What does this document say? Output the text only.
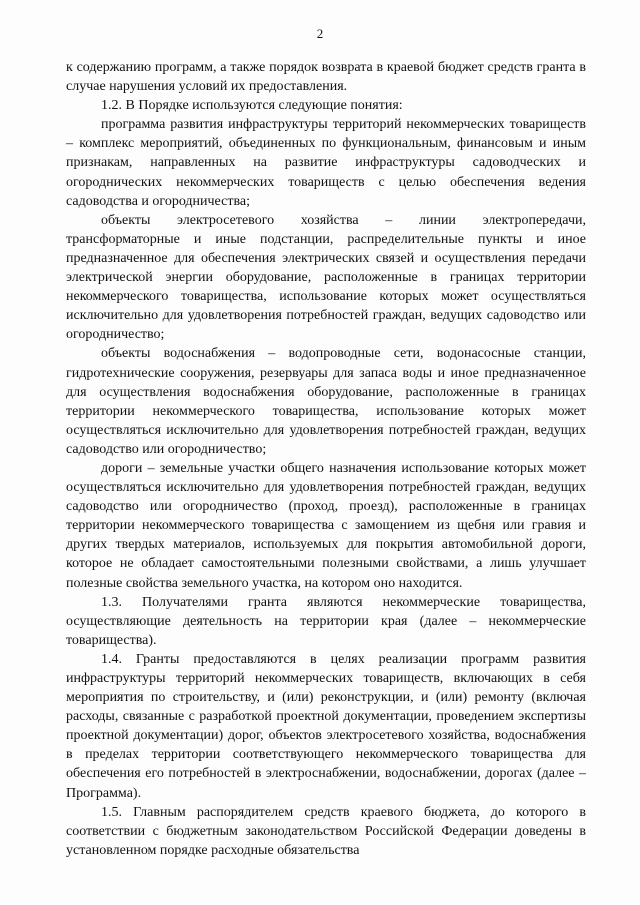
2

к содержанию программ, а также порядок возврата в краевой бюджет средств гранта в случае нарушения условий их предоставления.

1.2. В Порядке используются следующие понятия:

программа развития инфраструктуры территорий некоммерческих товариществ – комплекс мероприятий, объединенных по функциональным, финансовым и иным признакам, направленных на развитие инфраструктуры садоводческих и огороднических некоммерческих товариществ с целью обеспечения ведения садоводства и огородничества;

объекты электросетевого хозяйства – линии электропередачи, трансформаторные и иные подстанции, распределительные пункты и иное предназначенное для обеспечения электрических связей и осуществления передачи электрической энергии оборудование, расположенные в границах территории некоммерческого товарищества, использование которых может осуществляться исключительно для удовлетворения потребностей граждан, ведущих садоводство или огородничество;

объекты водоснабжения – водопроводные сети, водонасосные станции, гидротехнические сооружения, резервуары для запаса воды и иное предназначенное для осуществления водоснабжения оборудование, расположенные в границах территории некоммерческого товарищества, использование которых может осуществляться исключительно для удовлетворения потребностей граждан, ведущих садоводство или огородничество;

дороги – земельные участки общего назначения использование которых может осуществляться исключительно для удовлетворения потребностей граждан, ведущих садоводство или огородничество (проход, проезд), расположенные в границах территории некоммерческого товарищества с замощением из щебня или гравия и других твердых материалов, используемых для покрытия автомобильной дороги, которое не обладает самостоятельными полезными свойствами, а лишь улучшает полезные свойства земельного участка, на котором оно находится.

1.3. Получателями гранта являются некоммерческие товарищества, осуществляющие деятельность на территории края (далее – некоммерческие товарищества).

1.4. Гранты предоставляются в целях реализации программ развития инфраструктуры территорий некоммерческих товариществ, включающих в себя мероприятия по строительству, и (или) реконструкции, и (или) ремонту (включая расходы, связанные с разработкой проектной документации, проведением экспертизы проектной документации) дорог, объектов электросетевого хозяйства, водоснабжения в пределах территории соответствующего некоммерческого товарищества для обеспечения его потребностей в электроснабжении, водоснабжении, дорогах (далее – Программа).

1.5. Главным распорядителем средств краевого бюджета, до которого в соответствии с бюджетным законодательством Российской Федерации доведены в установленном порядке расходные обязательства
